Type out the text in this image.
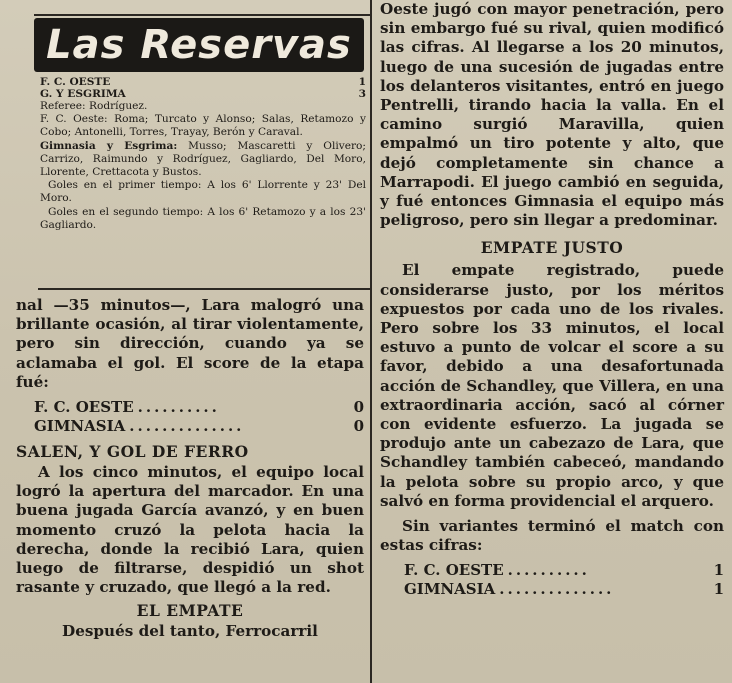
Las Reservas
F. C. OESTE	1
G. Y ESGRIMA	3

Referee: Rodríguez.

F. C. Oeste: Roma; Turcato y Alonso; Salas, Retamozo y Cobo; Antonelli, Torres, Trayay, Berón y Caraval.

Gimnasia y Esgrima: Musso; Mascaretti y Olivero; Carrizo, Raimundo y Rodríguez, Gagliardo, Del Moro, Llorente, Crettacota y Bustos.

Goles en el primer tiempo: A los 6' Llorrente y 23' Del Moro.

Goles en el segundo tiempo: A los 6' Retamozo y a los 23' Gagliardo.

nal —35 minutos—, Lara malogró una brillante ocasión, al tirar violentamente, pero sin dirección, cuando ya se aclamaba el gol. El score de la etapa fué:

F. C. OESTE ..........	0
GIMNASIA ..............	0
SALEN, Y GOL DE FERRO

A los cinco minutos, el equipo local logró la apertura del marcador. En una buena jugada García avanzó, y en buen momento cruzó la pelota hacia la derecha, donde la recibió Lara, quien luego de filtrarse, despidió un shot rasante y cruzado, que llegó a la red.

EL EMPATE

Después del tanto, Ferrocarril

Oeste jugó con mayor penetración, pero sin embargo fué su rival, quien modificó las cifras. Al llegarse a los 20 minutos, luego de una sucesión de jugadas entre los delanteros visitantes, entró en juego Pentrelli, tirando hacia la valla. En el camino surgió Maravilla, quien empalmó un tiro potente y alto, que dejó completamente sin chance a Marrapodi. El juego cambió en seguida, y fué entonces Gimnasia el equipo más peligroso, pero sin llegar a predominar.

EMPATE JUSTO

El empate registrado, puede considerarse justo, por los méritos expuestos por cada uno de los rivales. Pero sobre los 33 minutos, el local estuvo a punto de volcar el score a su favor, debido a una desafortunada acción de Schandley, que Villera, en una extraordinaria acción, sacó al córner con evidente esfuerzo. La jugada se produjo ante un cabezazo de Lara, que Schandley también cabeceó, mandando la pelota sobre su propio arco, y que salvó en forma providencial el arquero.

Sin variantes terminó el match con estas cifras:

F. C. OESTE ..........	1
GIMNASIA ..............	1
